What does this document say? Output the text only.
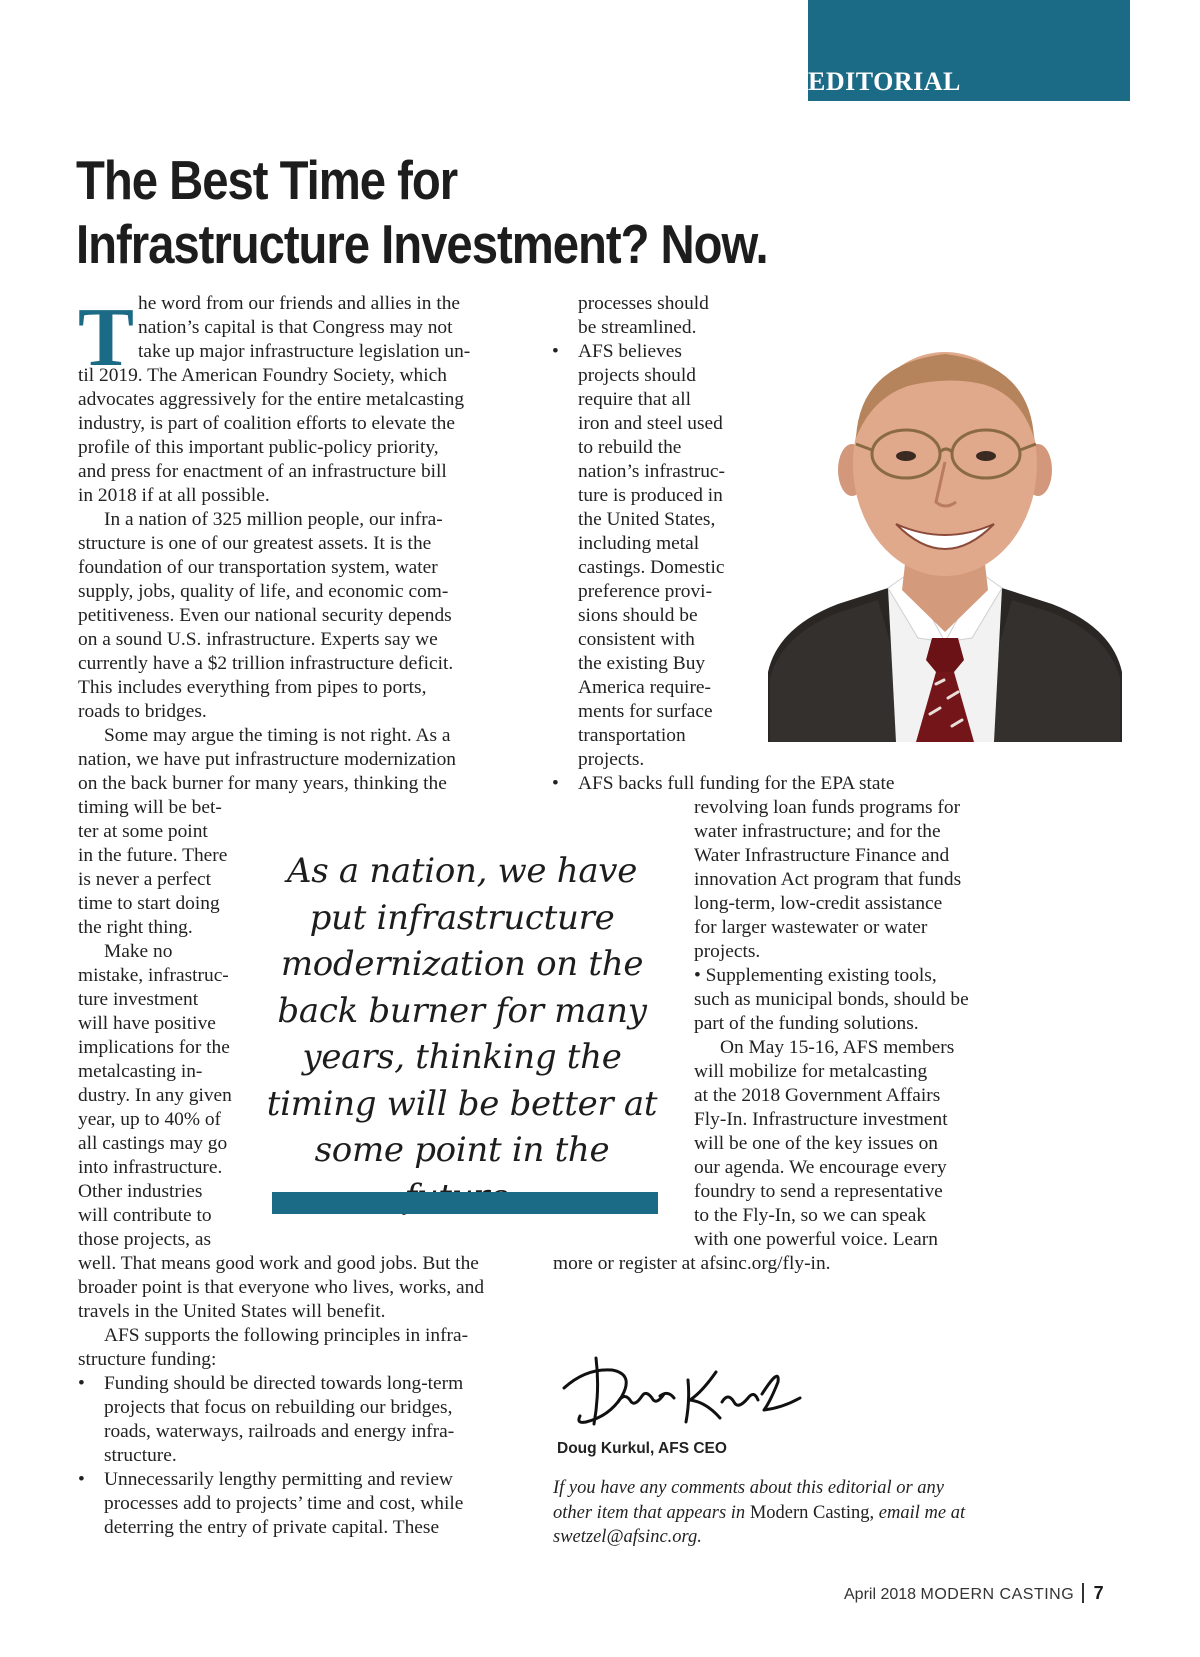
EDITORIAL
The Best Time for
Infrastructure Investment? Now.
T he word from our friends and allies in the
nation’s capital is that Congress may not
take up major infrastructure legislation un-
til 2019. The American Foundry Society, which
advocates aggressively for the entire metalcasting
industry, is part of coalition efforts to elevate the
profile of this important public-policy priority,
and press for enactment of an infrastructure bill
in 2018 if at all possible.
In a nation of 325 million people, our infra-
structure is one of our greatest assets. It is the
foundation of our transportation system, water
supply, jobs, quality of life, and economic com-
petitiveness. Even our national security depends
on a sound U.S. infrastructure. Experts say we
currently have a $2 trillion infrastructure deficit.
This includes everything from pipes to ports,
roads to bridges.
Some may argue the timing is not right. As a
nation, we have put infrastructure modernization
on the back burner for many years, thinking the
timing will be bet-
ter at some point
in the future. There
is never a perfect
time to start doing
the right thing.
Make no
mistake, infrastruc-
ture investment
will have positive
implications for the
metalcasting in-
dustry. In any given
year, up to 40% of
all castings may go
into infrastructure.
Other industries
will contribute to
those projects, as
well. That means good work and good jobs. But the
broader point is that everyone who lives, works, and
travels in the United States will benefit.
AFS supports the following principles in infra-
structure funding:
• Funding should be directed towards long-term
projects that focus on rebuilding our bridges,
roads, waterways, railroads and energy infra-
structure.
• Unnecessarily lengthy permitting and review
processes add to projects’ time and cost, while
deterring the entry of private capital. These
processes should
be streamlined.
• AFS believes
projects should
require that all
iron and steel used
to rebuild the
nation’s infrastruc-
ture is produced in
the United States,
including metal
castings. Domestic
preference provi-
sions should be
consistent with
the existing Buy
America require-
ments for surface
transportation
projects.
• AFS backs full funding for the EPA state
revolving loan funds programs for
water infrastructure; and for the
Water Infrastructure Finance and
innovation Act program that funds
long-term, low-credit assistance
for larger wastewater or water
projects.
• Supplementing existing tools,
such as municipal bonds, should be
part of the funding solutions.
On May 15-16, AFS members
will mobilize for metalcasting
at the 2018 Government Affairs
Fly-In. Infrastructure investment
will be one of the key issues on
our agenda. We encourage every
foundry to send a representative
to the Fly-In, so we can speak
with one powerful voice. Learn
more or register at afsinc.org/fly-in.
As a nation, we have put infrastructure modernization on the back burner for many years, thinking the timing will be better at some point in the
Doug Kurkul, AFS CEO
If you have any comments about this editorial or any
other item that appears in Modern Casting, email me at
swetzel@afsinc.org.
April 2018 MODERN CASTING 7
